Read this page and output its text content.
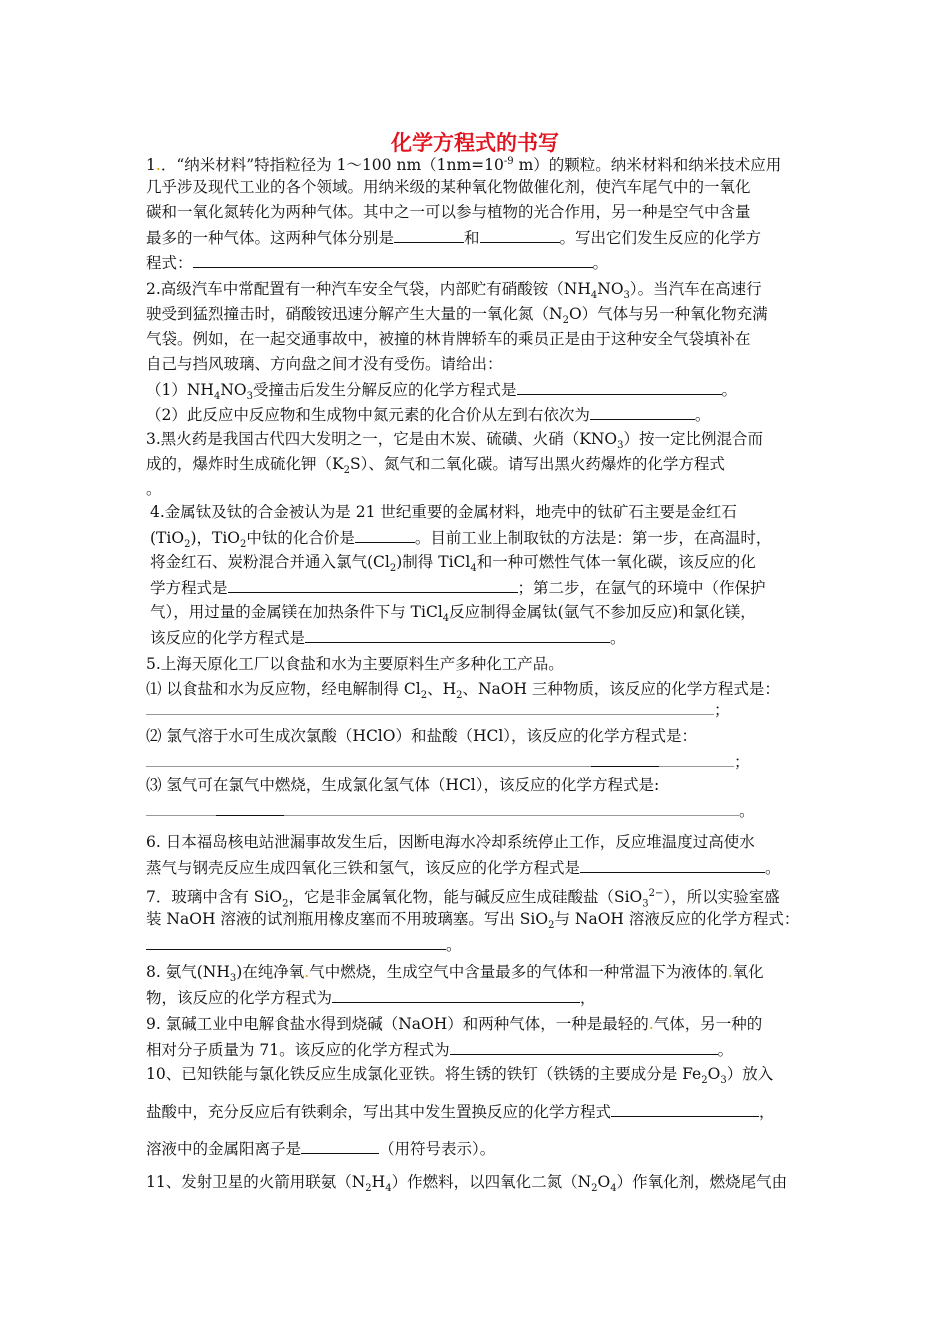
化学方程式的书写
1.．“纳米材料”特指粒径为 1～100 $nm(1nm=10^{-9}$ m）的颗粒。纳米材料和纳米技术应用
几乎涉及现代工业的各个领域。用纳米级的某种氧化物做催化剂，使汽车尾气中的一氧化
碳和一氧化氮转化为两种气体。其中之一可以参与植物的光合作用，另一种是空气中含量
最多的一种气体。这两种气体分别是	和	。写出它们发生反应的化学方
程式：	。
2.高级汽车中常配置有一种汽车安全气袋，内部贮有硝酸铵$(NH_4NO_3)$。当汽车在高速行
驶受到猛烈撞击时，硝酸铵迅速分解产生大量的一氧化氮$(N_2O)$气体与另一种氧化物充满
气袋。例如，在一起交通事故中，被撞的林肯牌轿车的乘员正是由于这种安全气袋填补在
自己与挡风玻璃、方向盘之间才没有受伤。请给出：
$(1)NH_4NO_3$受撞击后发生分解反应的化学方程式是	。
（2）此反应中反应物和生成物中氮元素的化合价从左到右依次为	。
3.黑火药是我国古代四大发明之一，它是由木炭、硫磺、火硝$(KNO_3)$按一定比例混合而
成的，爆炸时生成硫化钾$(K_2S)$、氮气和二氧化碳。请写出黑火药爆炸的化学方程式
。
4.金属钛及钛的合金被认为是 21 世纪重要的金属材料，地壳中的钛矿石主要是金红石
(TiO$_2$)，TiO$_2$中钛的化合价是	。目前工业上制取钛的方法是：第一步，在高温时，
将金红石、炭粉混合并通入氯气$(Cl_2)$制得 TiCl$_4$和一种可燃性气体一氧化碳，该反应的化
学方程式是	；第二步，在氩气的环境中（作保护
气），用过量的金属镁在加热条件下与 TiCl$_4$反应制得金属钛(氩气不参加反应)和氯化镁，
该反应的化学方程式是	。
5.上海天原化工厂以食盐和水为主要原料生产多种化工产品。
⑴ 以食盐和水为反应物，经电解制得 $Cl_2$、$H_2$、NaOH 三种物质，该反应的化学方程式是：
；
⑵ 氯气溶于水可生成次氯酸（HClO）和盐酸（HCl），该反应的化学方程式是：
；
⑶ 氢气可在氯气中燃烧，生成氯化氢气体（HCl），该反应的化学方程式是:
。
6. 日本福岛核电站泄漏事故发生后，因断电海水冷却系统停止工作，反应堆温度过高使水
蒸气与钢壳反应生成四氧化三铁和氢气，该反应的化学方程式是	。
7．玻璃中含有 SiO$_2$，它是非金属氧化物，能与碱反应生成硅酸盐（SiO$_3^{2-}$），所以实验室盛
装 NaOH 溶液的试剂瓶用橡皮塞而不用玻璃塞。写出 SiO$_2$与 NaOH 溶液反应的化学方程式：
。
8. 氨气$(NH_3)$在纯净氧.气中燃烧，生成空气中含量最多的气体和一种常温下为液体的.氧化
物，该反应的化学方程式为	，
9. 氯碱工业中电解食盐水得到烧碱（NaOH）和两种气体，一种是最轻的.气体，另一种的
相对分子质量为 71。该反应的化学方程式为	。
10、已知铁能与氯化铁反应生成氯化亚铁。将生锈的铁钉（铁锈的主要成分是 $Fe_2O_3$）放入
盐酸中，充分反应后有铁剩余，写出其中发生置换反应的化学方程式	，
溶液中的金属阳离子是	（用符号表示）。
11、发射卫星的火箭用联氨$(N_2H_4)$作燃料，以四氧化二氮$(N_2O_4)$作氧化剂，燃烧尾气由
